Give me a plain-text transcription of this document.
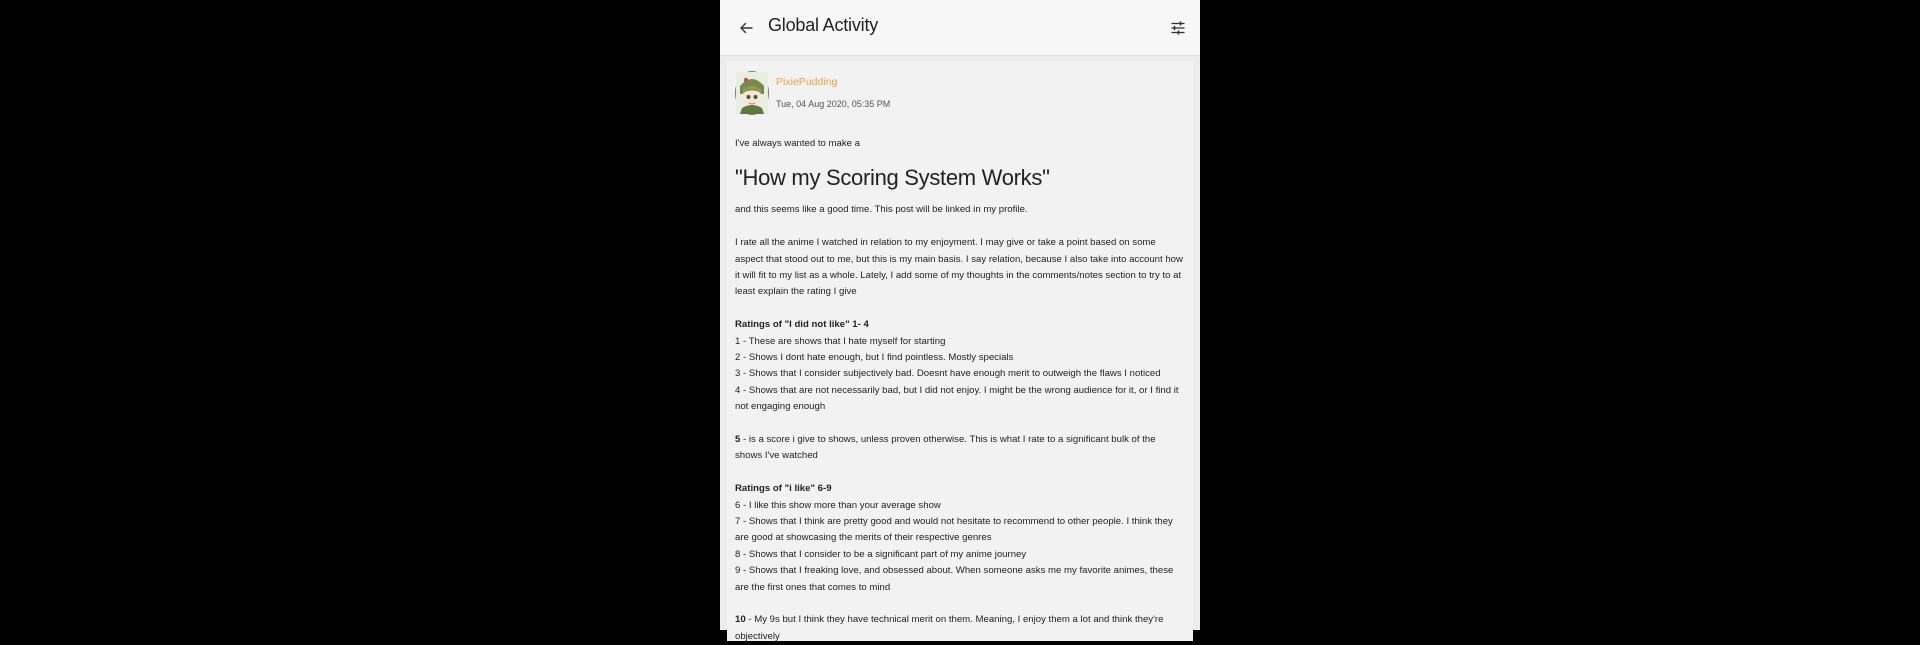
Global Activity
PixiePudding
Tue, 04 Aug 2020, 05:35 PM

I've always wanted to make a

"How my Scoring System Works"

and this seems like a good time. This post will be linked in my profile.

I rate all the anime I watched in relation to my enjoyment. I may give or take a point based on some aspect that stood out to me, but this is my main basis. I say relation, because I also take into account how it will fit to my list as a whole. Lately, I add some of my thoughts in the comments/notes section to try to at least explain the rating I give

Ratings of "I did not like" 1- 4

1 - These are shows that I hate myself for starting

2 - Shows I dont hate enough, but I find pointless. Mostly specials

3 - Shows that I consider subjectively bad. Doesnt have enough merit to outweigh the flaws I noticed

4 - Shows that are not necessarily bad, but I did not enjoy. I might be the wrong audience for it, or I find it not engaging enough

5 - is a score i give to shows, unless proven otherwise. This is what I rate to a significant bulk of the shows I've watched

Ratings of "i like" 6-9

6 - I like this show more than your average show

7 - Shows that I think are pretty good and would not hesitate to recommend to other people. I think they are good at showcasing the merits of their respective genres

8 - Shows that I consider to be a significant part of my anime journey

9 - Shows that I freaking love, and obsessed about. When someone asks me my favorite animes, these are the first ones that comes to mind

10 - My 9s but I think they have technical merit on them. Meaning, I enjoy them a lot and think they're objectively
